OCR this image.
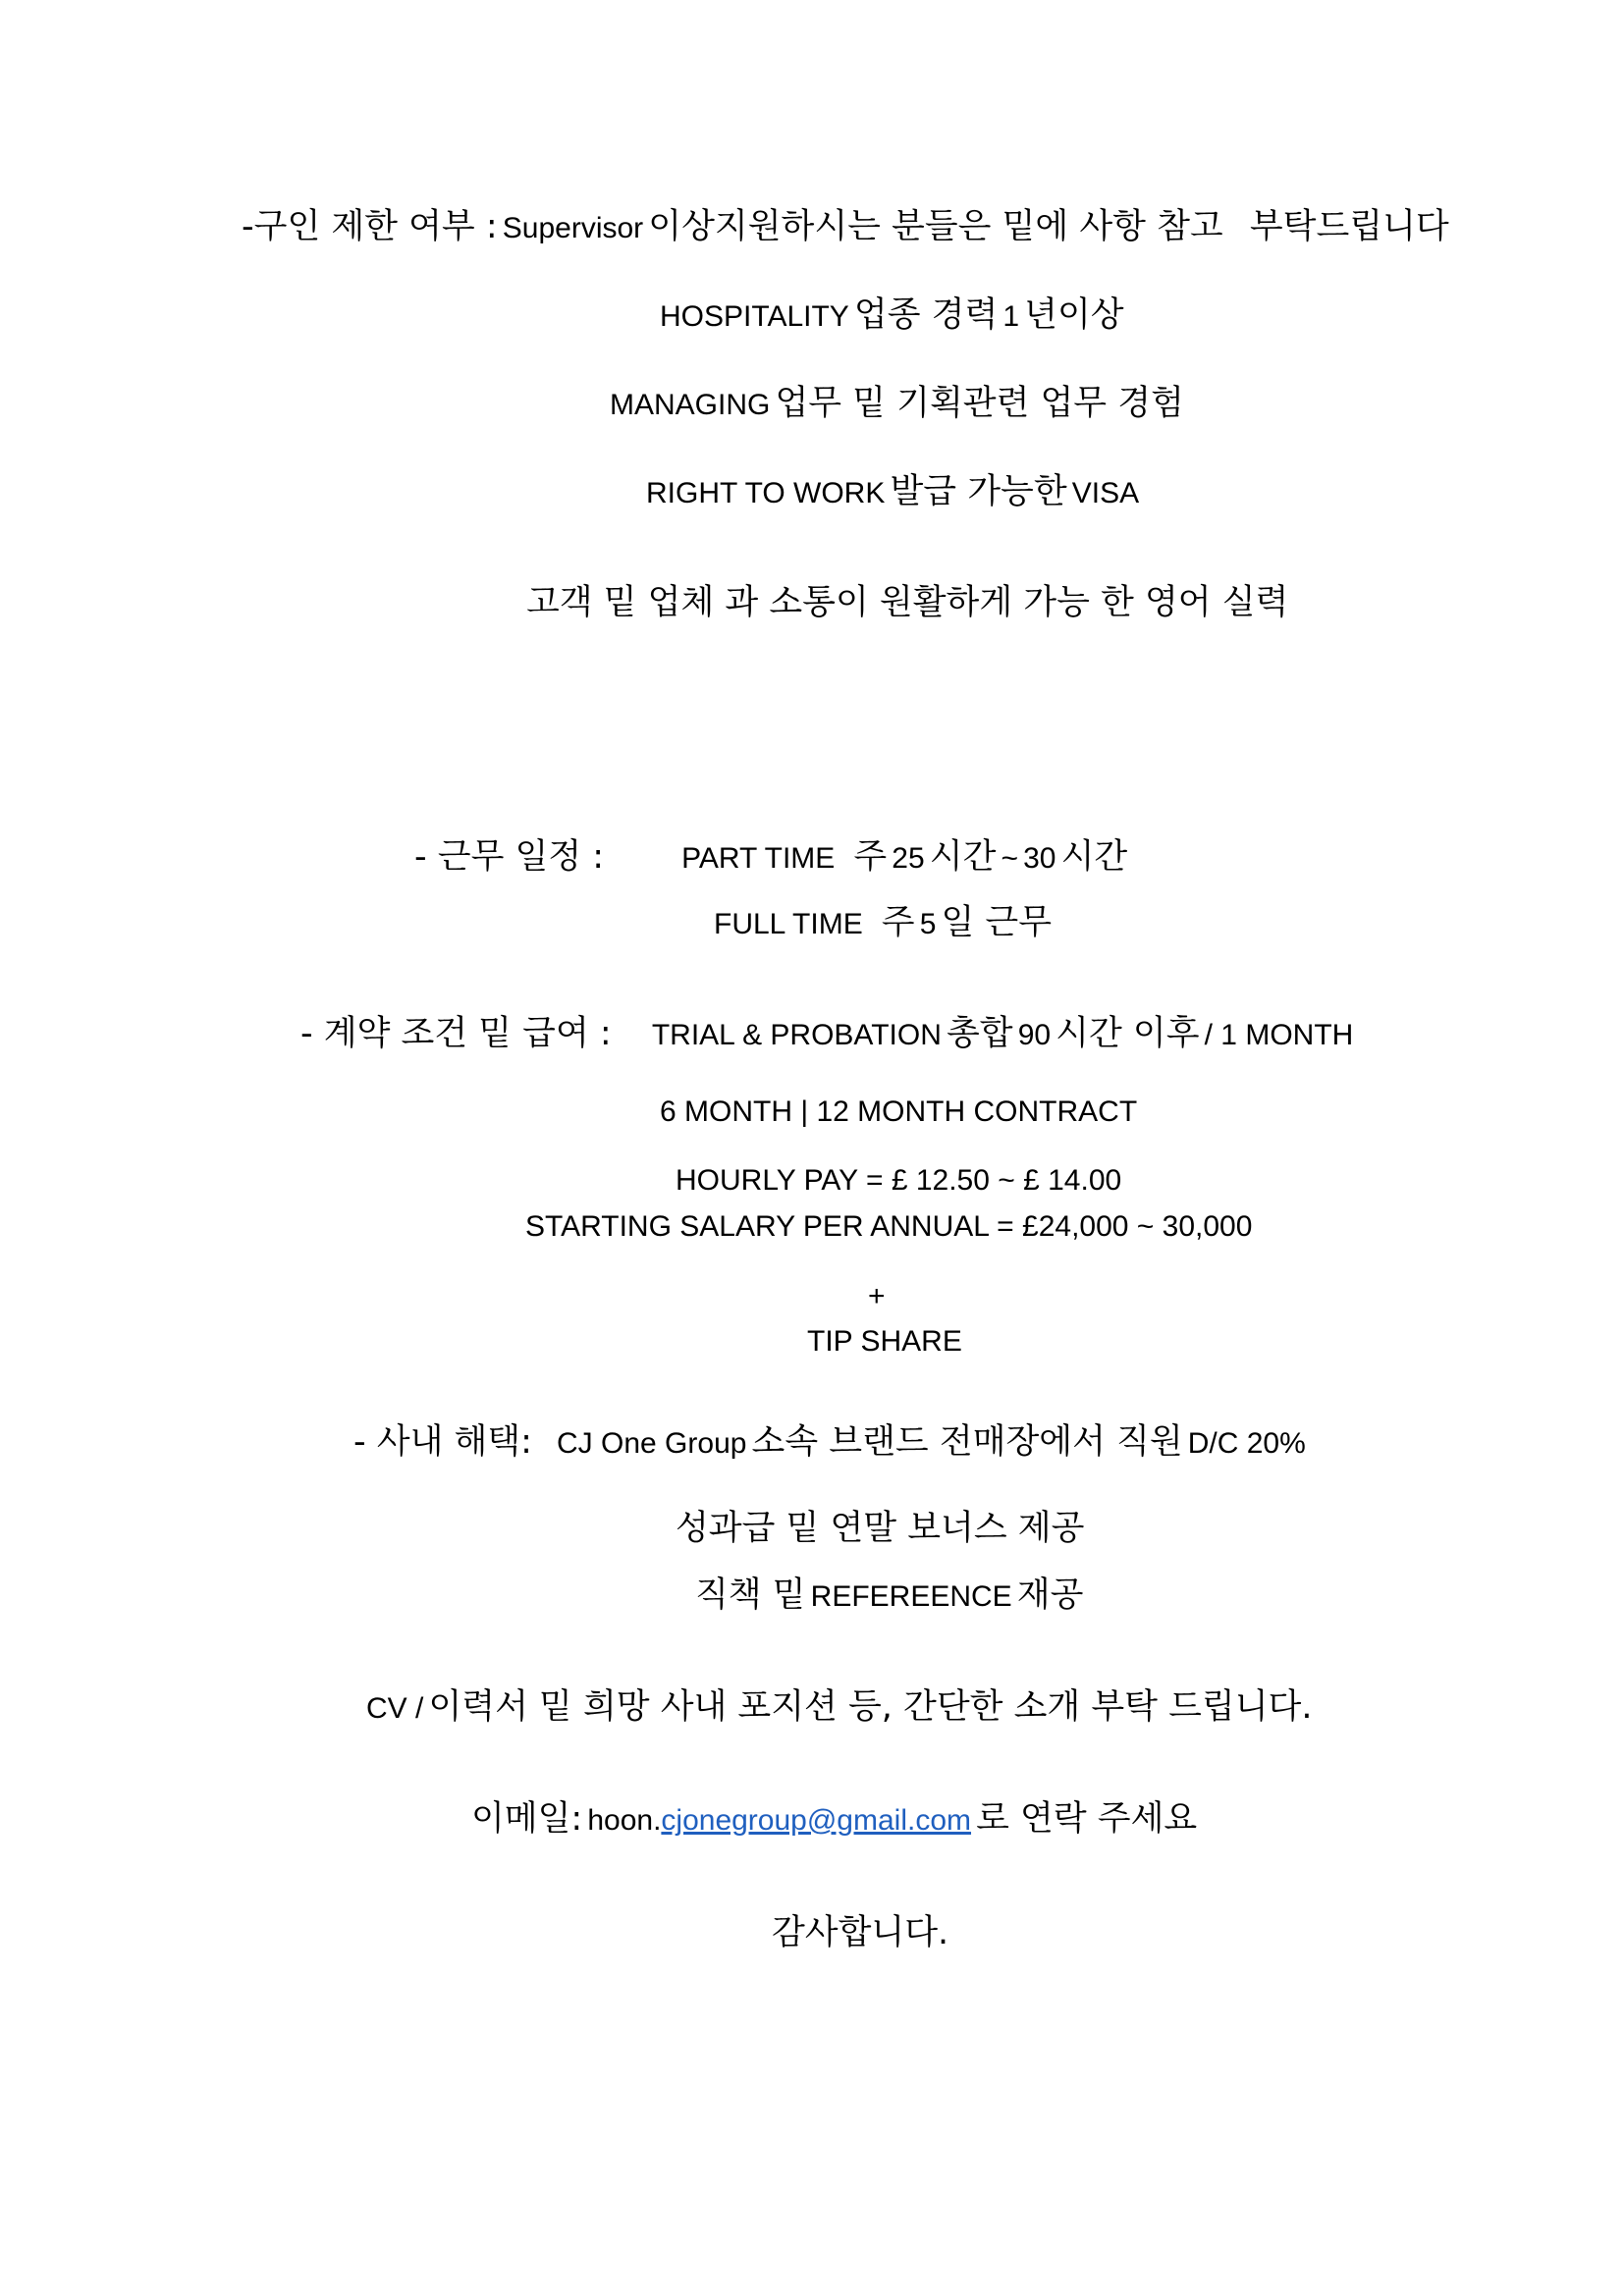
-구인 제한 여부 : Supervisor 이상지원하시는 분들은 밑에 사항 참고 부탁드립니다
HOSPITALITY 업종 경력 1 년이상
MANAGING 업무 밑 기획관련 업무 경험
RIGHT TO WORK 발급 가능한 VISA
고객 밑 업체 과 소통이 원활하게 가능 한 영어 실력
- 근무 일정 :	PART TIME 주 25 시간 ~ 30 시간
FULL TIME 주 5 일 근무
- 계약 조건 밑 급여 : TRIAL & PROBATION 총합 90 시간 이후 / 1 MONTH
6 MONTH | 12 MONTH CONTRACT
HOURLY PAY = £ 12.50 ~ £ 14.00
STARTING SALARY PER ANNUAL = £24,000 ~ 30,000
+
TIP SHARE
- 사내 해택: CJ One Group 소속 브랜드 전매장에서 직원 D/C 20%
성과급 밑 연말 보너스 제공
직책 밑 REFEREENCE 재공
CV / 이력서 밑 희망 사내 포지션 등, 간단한 소개 부탁 드립니다.
이메일: hoon.cjonegroup@gmail.com 로 연락 주세요
감사합니다.
